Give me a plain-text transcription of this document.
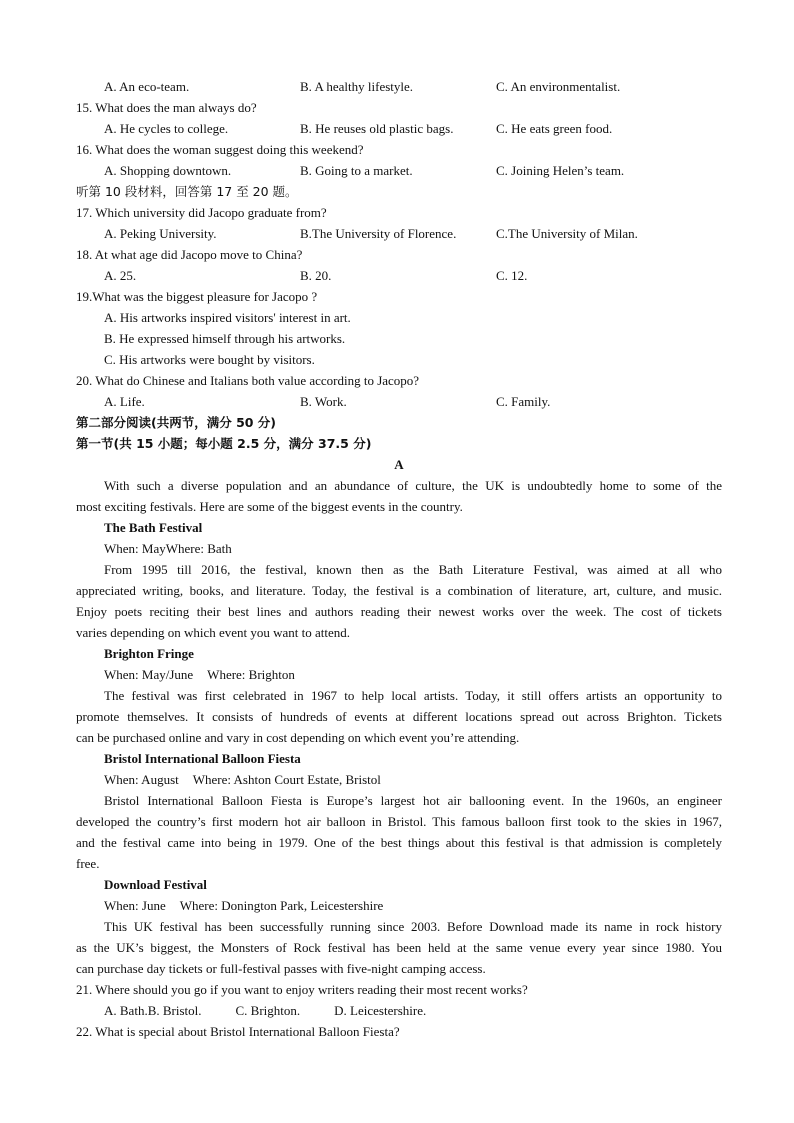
A. An eco-team.	B. A healthy lifestyle.	C. An environmentalist.
15. What does the man always do?
A. He cycles to college.	B. He reuses old plastic bags.	C. He eats green food.
16. What does the woman suggest doing this weekend?
A. Shopping downtown.	B. Going to a market.	C. Joining Helen’s team.
听第 10 段材料，回答第 17 至 20 题。
17. Which university did Jacopo graduate from?
A. Peking University.	B.The University of Florence.	C.The University of Milan.
18. At what age did Jacopo move to China?
A. 25.	B. 20.	C. 12.
19.What was the biggest pleasure for Jacopo ?
A. His artworks inspired visitors' interest in art.
B. He expressed himself through his artworks.
C. His artworks were bought by visitors.
20. What do Chinese and Italians both value according to Jacopo?
A. Life.	B. Work.	C. Family.
第二部分阅读(共两节，满分 50 分)
第一节(共 15 小题；每小题 2.5 分，满分 37.5 分)
A
With such a diverse population and an abundance of culture, the UK is undoubtedly home to some of the
most exciting festivals. Here are some of the biggest events in the country.
The Bath Festival
When: MayWhere: Bath
From 1995 till 2016, the festival, known then as the Bath Literature Festival, was aimed at all who
appreciated writing, books, and literature. Today, the festival is a combination of literature, art, culture, and music.
Enjoy poets reciting their best lines and authors reading their newest works over the week. The cost of tickets
varies depending on which event you want to attend.
Brighton Fringe
When: May/June Where: Brighton
The festival was first celebrated in 1967 to help local artists. Today, it still offers artists an opportunity to
promote themselves. It consists of hundreds of events at different locations spread out across Brighton. Tickets
can be purchased online and vary in cost depending on which event you’re attending.
Bristol International Balloon Fiesta
When: August Where: Ashton Court Estate, Bristol
Bristol International Balloon Fiesta is Europe’s largest hot air ballooning event. In the 1960s, an engineer
developed the country’s first modern hot air balloon in Bristol. This famous balloon first took to the skies in 1967,
and the festival came into being in 1979. One of the best things about this festival is that admission is completely
free.
Download Festival
When: June Where: Donington Park, Leicestershire
This UK festival has been successfully running since 2003. Before Download made its name in rock history
as the UK’s biggest, the Monsters of Rock festival has been held at the same venue every year since 1980. You
can purchase day tickets or full-festival passes with five-night camping access.
21. Where should you go if you want to enjoy writers reading their most recent works?
A. Bath.B. Bristol.	C. Brighton.	D. Leicestershire.
22. What is special about Bristol International Balloon Fiesta?
